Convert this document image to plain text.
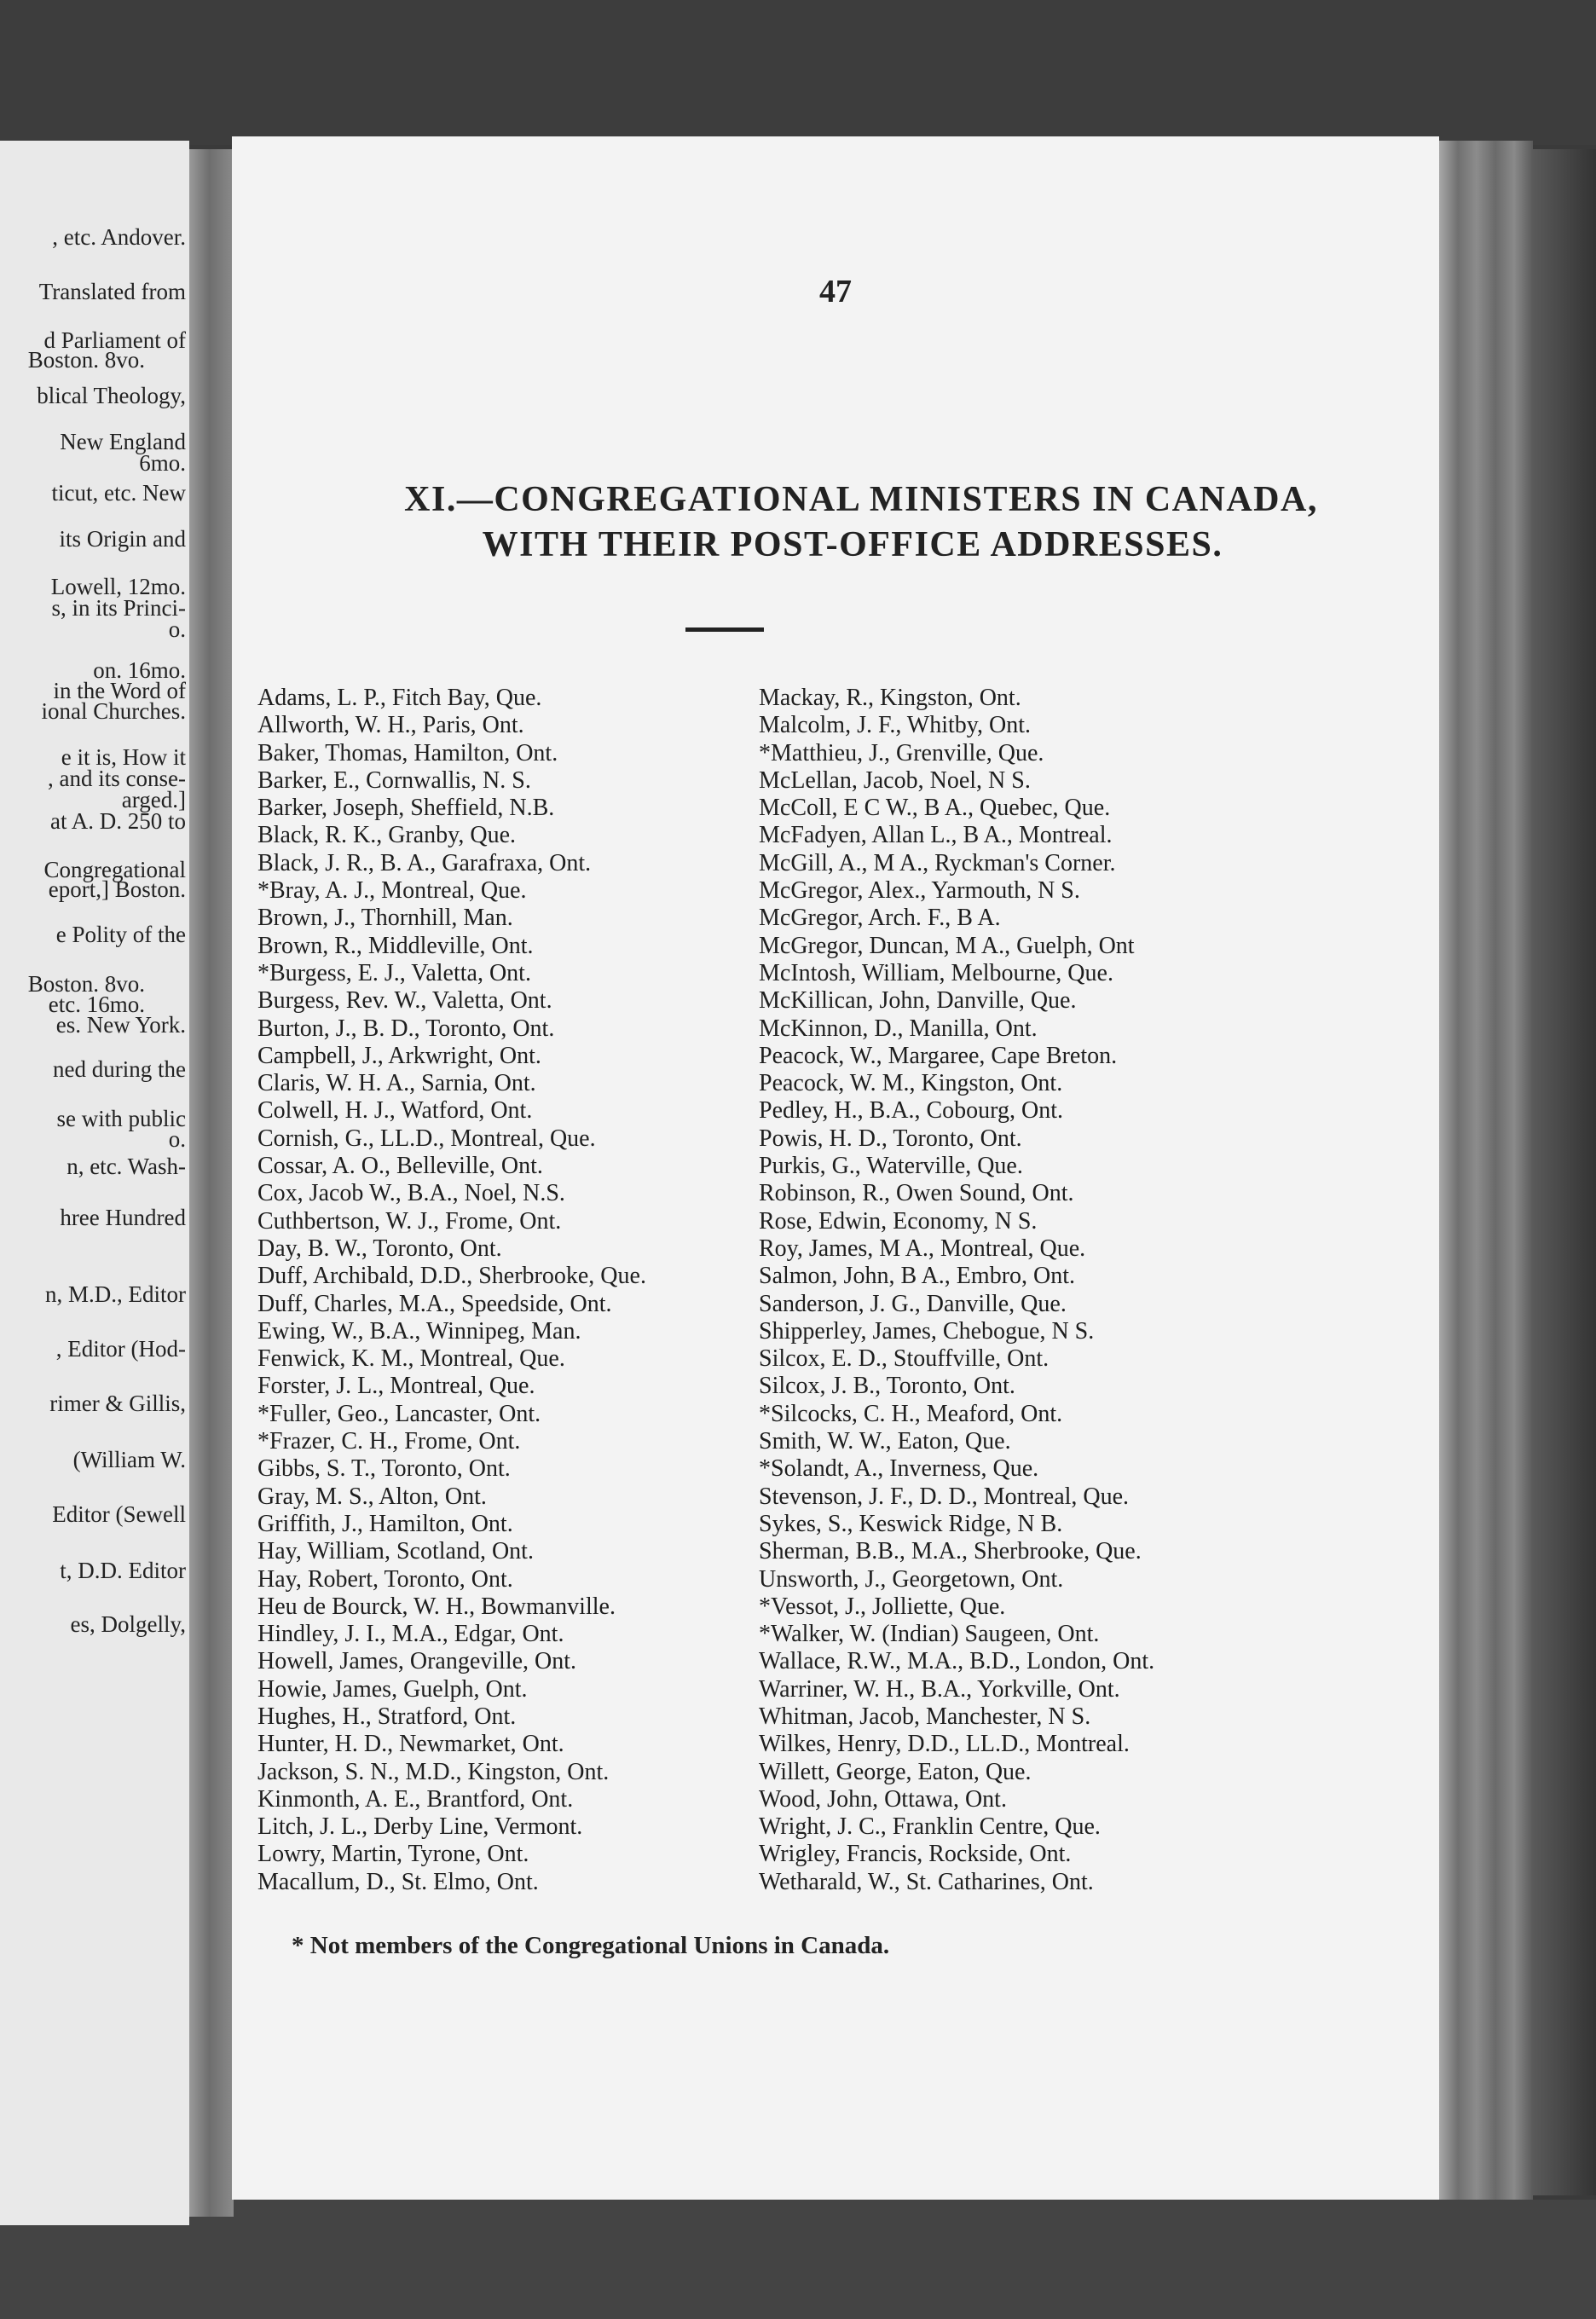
, etc. Andover.
Translated from
d Parliament of
Boston. 8vo.
blical Theology,
New England
6mo.
ticut, etc. New
its Origin and
Lowell, 12mo.
s, in its Princi-
o.
on. 16mo.
in the Word of
ional Churches.
e it is, How it
, and its conse-
arged.]
at A. D. 250 to
Congregational
eport,] Boston.
e Polity of the
Boston. 8vo.
etc. 16mo.
es. New York.
ned during the
se with public
o.
n, etc. Wash-
hree Hundred
n, M.D., Editor
, Editor (Hod-
rimer & Gillis,
(William W.
Editor (Sewell
t, D.D. Editor
es, Dolgelly,
47
XI.—CONGREGATIONAL MINISTERS IN CANADA,
WITH THEIR POST-OFFICE ADDRESSES.
Adams, L. P., Fitch Bay, Que.
Allworth, W. H., Paris, Ont.
Baker, Thomas, Hamilton, Ont.
Barker, E., Cornwallis, N. S.
Barker, Joseph, Sheffield, N.B.
Black, R. K., Granby, Que.
Black, J. R., B. A., Garafraxa, Ont.
*Bray, A. J., Montreal, Que.
Brown, J., Thornhill, Man.
Brown, R., Middleville, Ont.
*Burgess, E. J., Valetta, Ont.
Burgess, Rev. W., Valetta, Ont.
Burton, J., B. D., Toronto, Ont.
Campbell, J., Arkwright, Ont.
Claris, W. H. A., Sarnia, Ont.
Colwell, H. J., Watford, Ont.
Cornish, G., LL.D., Montreal, Que.
Cossar, A. O., Belleville, Ont.
Cox, Jacob W., B.A., Noel, N.S.
Cuthbertson, W. J., Frome, Ont.
Day, B. W., Toronto, Ont.
Duff, Archibald, D.D., Sherbrooke, Que.
Duff, Charles, M.A., Speedside, Ont.
Ewing, W., B.A., Winnipeg, Man.
Fenwick, K. M., Montreal, Que.
Forster, J. L., Montreal, Que.
*Fuller, Geo., Lancaster, Ont.
*Frazer, C. H., Frome, Ont.
Gibbs, S. T., Toronto, Ont.
Gray, M. S., Alton, Ont.
Griffith, J., Hamilton, Ont.
Hay, William, Scotland, Ont.
Hay, Robert, Toronto, Ont.
Heu de Bourck, W. H., Bowmanville.
Hindley, J. I., M.A., Edgar, Ont.
Howell, James, Orangeville, Ont.
Howie, James, Guelph, Ont.
Hughes, H., Stratford, Ont.
Hunter, H. D., Newmarket, Ont.
Jackson, S. N., M.D., Kingston, Ont.
Kinmonth, A. E., Brantford, Ont.
Litch, J. L., Derby Line, Vermont.
Lowry, Martin, Tyrone, Ont.
Macallum, D., St. Elmo, Ont.
Mackay, R., Kingston, Ont.
Malcolm, J. F., Whitby, Ont.
*Matthieu, J., Grenville, Que.
McLellan, Jacob, Noel, N S.
McColl, E C W., B A., Quebec, Que.
McFadyen, Allan L., B A., Montreal.
McGill, A., M A., Ryckman's Corner.
McGregor, Alex., Yarmouth, N S.
McGregor, Arch. F., B A.
McGregor, Duncan, M A., Guelph, Ont
McIntosh, William, Melbourne, Que.
McKillican, John, Danville, Que.
McKinnon, D., Manilla, Ont.
Peacock, W., Margaree, Cape Breton.
Peacock, W. M., Kingston, Ont.
Pedley, H., B.A., Cobourg, Ont.
Powis, H. D., Toronto, Ont.
Purkis, G., Waterville, Que.
Robinson, R., Owen Sound, Ont.
Rose, Edwin, Economy, N S.
Roy, James, M A., Montreal, Que.
Salmon, John, B A., Embro, Ont.
Sanderson, J. G., Danville, Que.
Shipperley, James, Chebogue, N S.
Silcox, E. D., Stouffville, Ont.
Silcox, J. B., Toronto, Ont.
*Silcocks, C. H., Meaford, Ont.
Smith, W. W., Eaton, Que.
*Solandt, A., Inverness, Que.
Stevenson, J. F., D. D., Montreal, Que.
Sykes, S., Keswick Ridge, N B.
Sherman, B.B., M.A., Sherbrooke, Que.
Unsworth, J., Georgetown, Ont.
*Vessot, J., Jolliette, Que.
*Walker, W. (Indian) Saugeen, Ont.
Wallace, R.W., M.A., B.D., London, Ont.
Warriner, W. H., B.A., Yorkville, Ont.
Whitman, Jacob, Manchester, N S.
Wilkes, Henry, D.D., LL.D., Montreal.
Willett, George, Eaton, Que.
Wood, John, Ottawa, Ont.
Wright, J. C., Franklin Centre, Que.
Wrigley, Francis, Rockside, Ont.
Wetharald, W., St. Catharines, Ont.
* Not members of the Congregational Unions in Canada.
